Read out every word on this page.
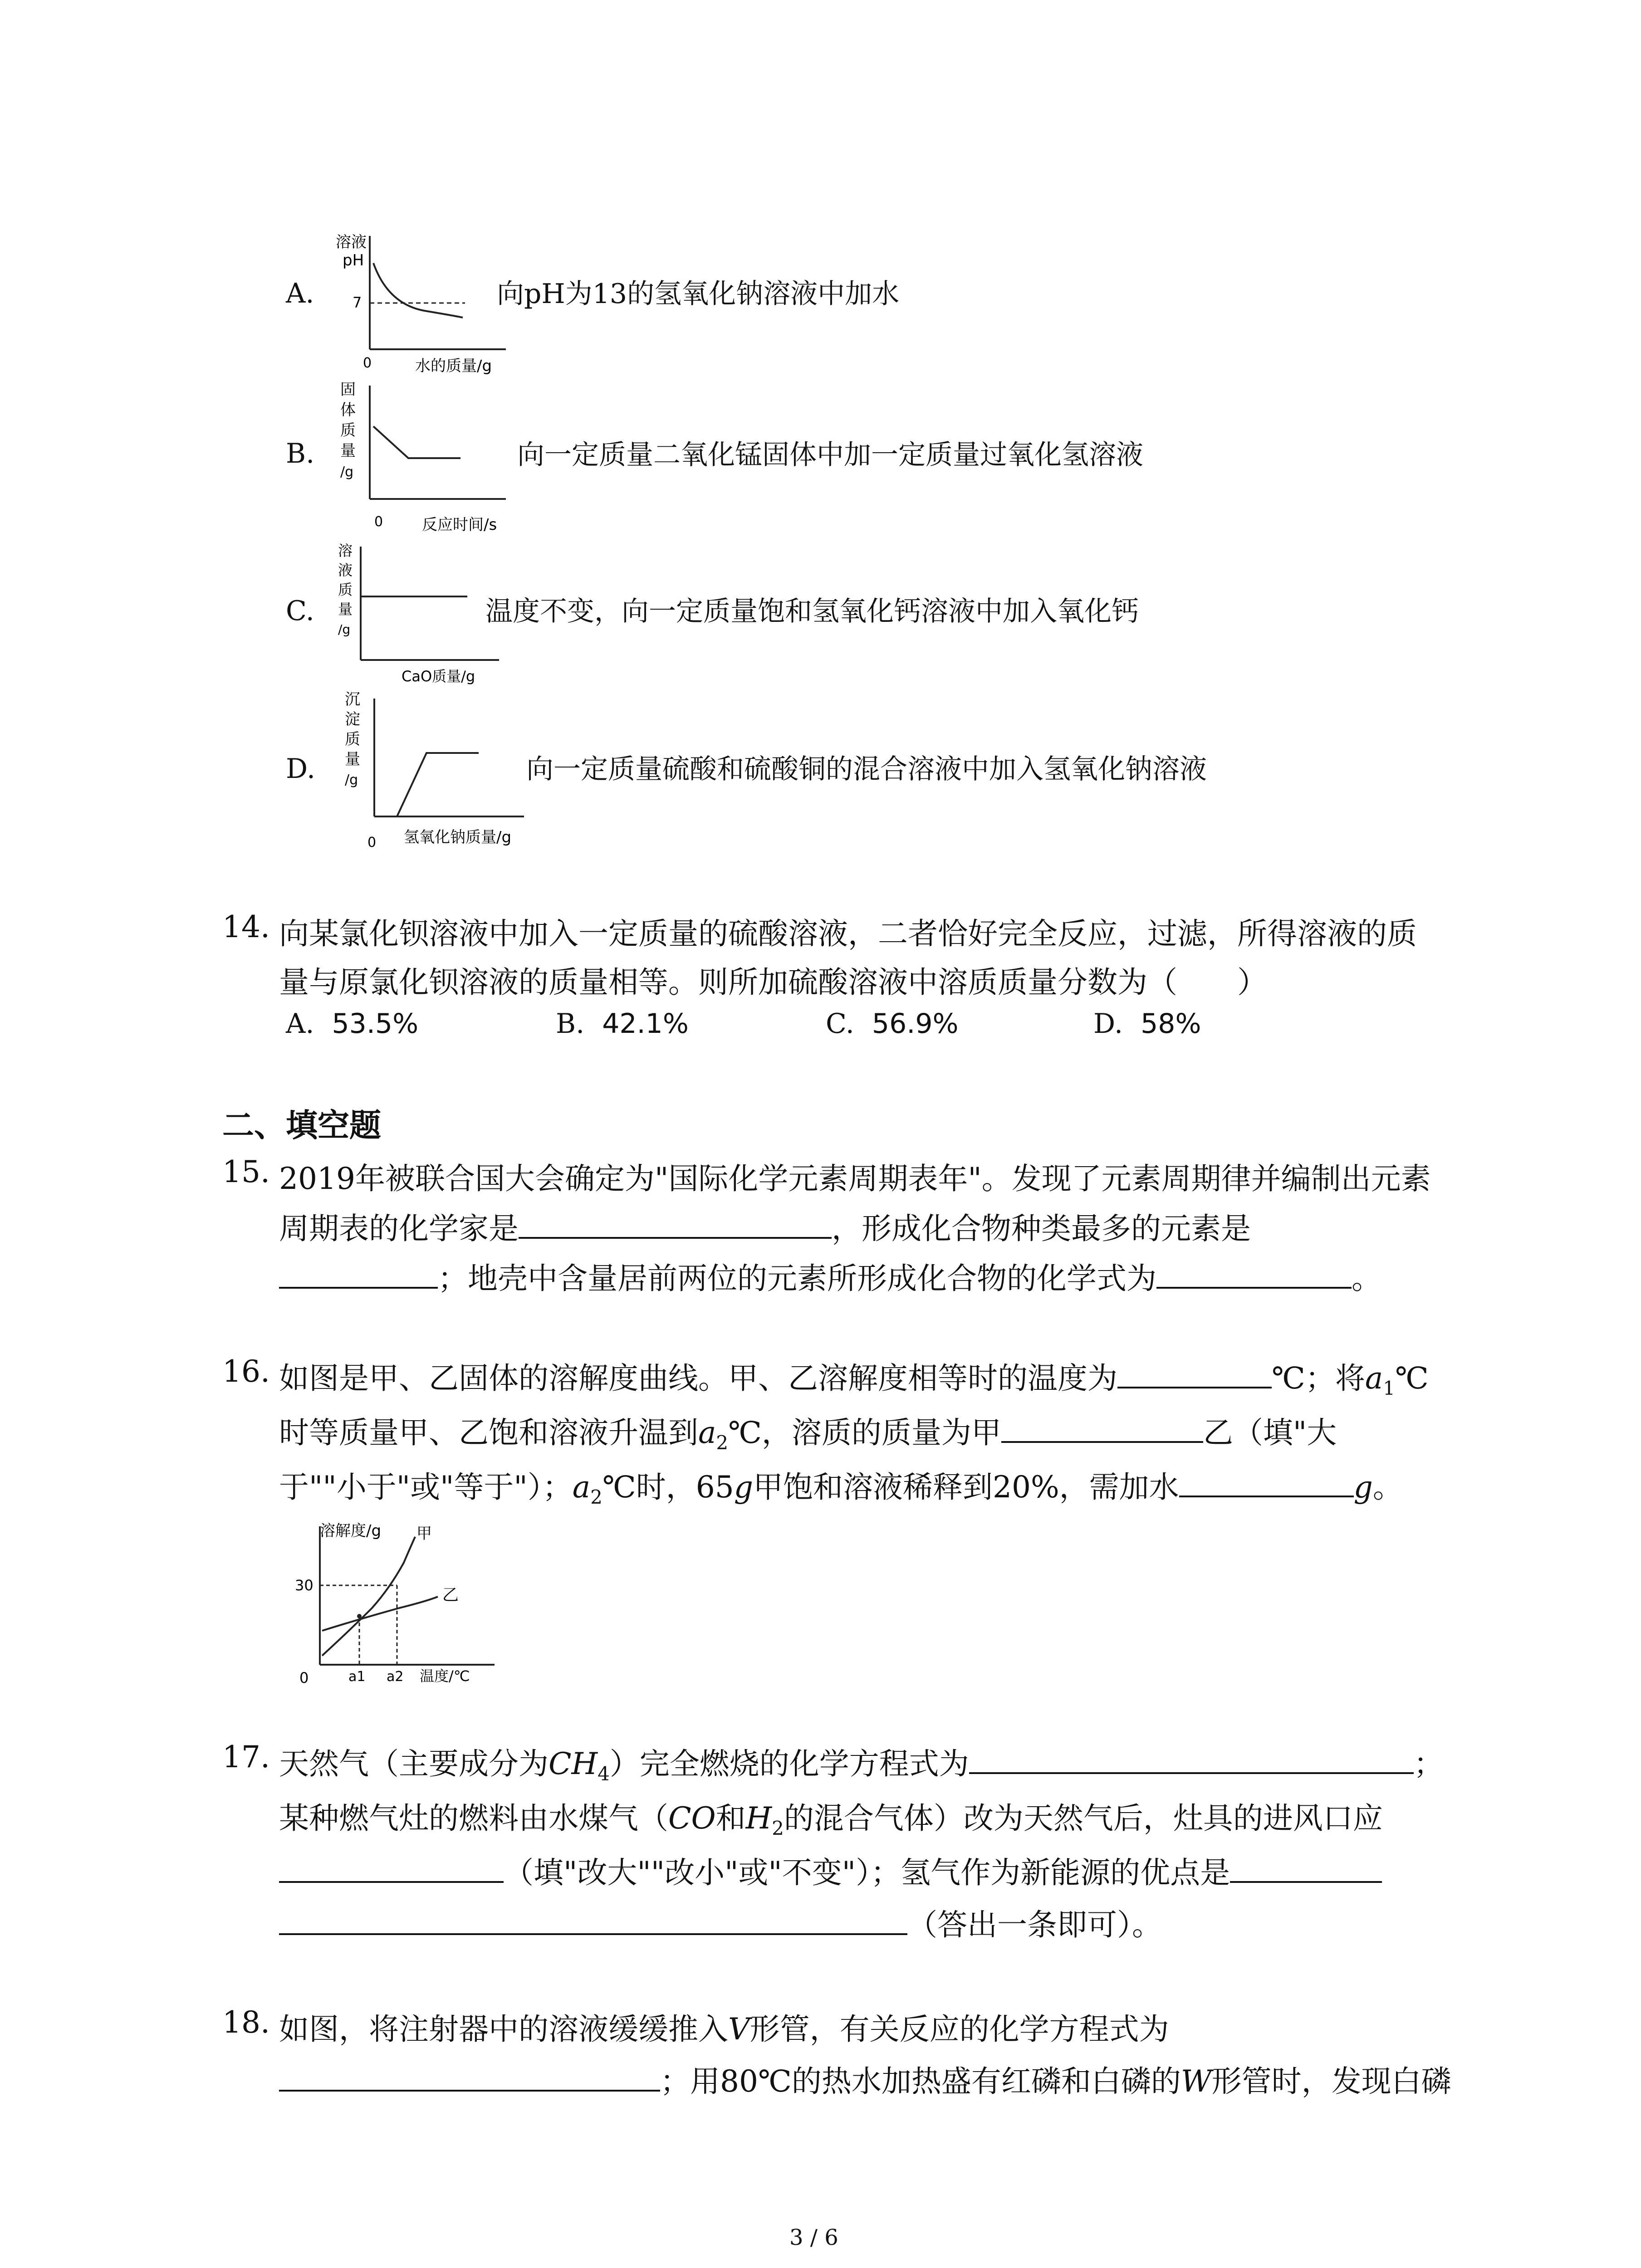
A.
溶液
pH
7
0	水的质量/g
向pH为13的氢氧化钠溶液中加水
B.
固
体
质
量
/g
0	反应时间/s
向一定质量二氧化锰固体中加一定质量过氧化氢溶液
C.
溶
液
质
量
/g
CaO质量/g
温度不变，向一定质量饱和氢氧化钙溶液中加入氧化钙
D.
沉
淀
质
量
/g
0 氢氧化钠质量/g
向一定质量硫酸和硫酸铜的混合溶液中加入氢氧化钠溶液
14. 向某氯化钡溶液中加入一定质量的硫酸溶液，二者恰好完全反应，过滤，所得溶液的质
量与原氯化钡溶液的质量相等。则所加硫酸溶液中溶质质量分数为（　　）
A. 53.5%	B. 42.1%	C. 56.9%	D. 58%
二、填空题
15. 2019年被联合国大会确定为"国际化学元素周期表年"。发现了元素周期律并编制出元素
周期表的化学家是	，形成化合物种类最多的元素是
；地壳中含量居前两位的元素所形成化合物的化学式为	。
16. 如图是甲、乙固体的溶解度曲线。甲、乙溶解度相等时的温度为	℃；将$a_1℃$
时等质量甲、乙饱和溶液升温到$a_2℃$，溶质的质量为甲	乙（填"大
于""小于"或"等于"）；$a_2℃$时，65g甲饱和溶液稀释到20%，需加水	g。
溶解度/g
30
甲
乙
0	a1 a2 温度/℃
17. 天然气（主要成分为$CH_4$）完全燃烧的化学方程式为	；
某种燃气灶的燃料由水煤气（CO和$H_2$的混合气体）改为天然气后，灶具的进风口应
（填"改大""改小"或"不变"）；氢气作为新能源的优点是
（答出一条即可）。
18. 如图，将注射器中的溶液缓缓推入V形管，有关反应的化学方程式为
；用80℃的热水加热盛有红磷和白磷的W形管时，发现白磷
3 / 6
